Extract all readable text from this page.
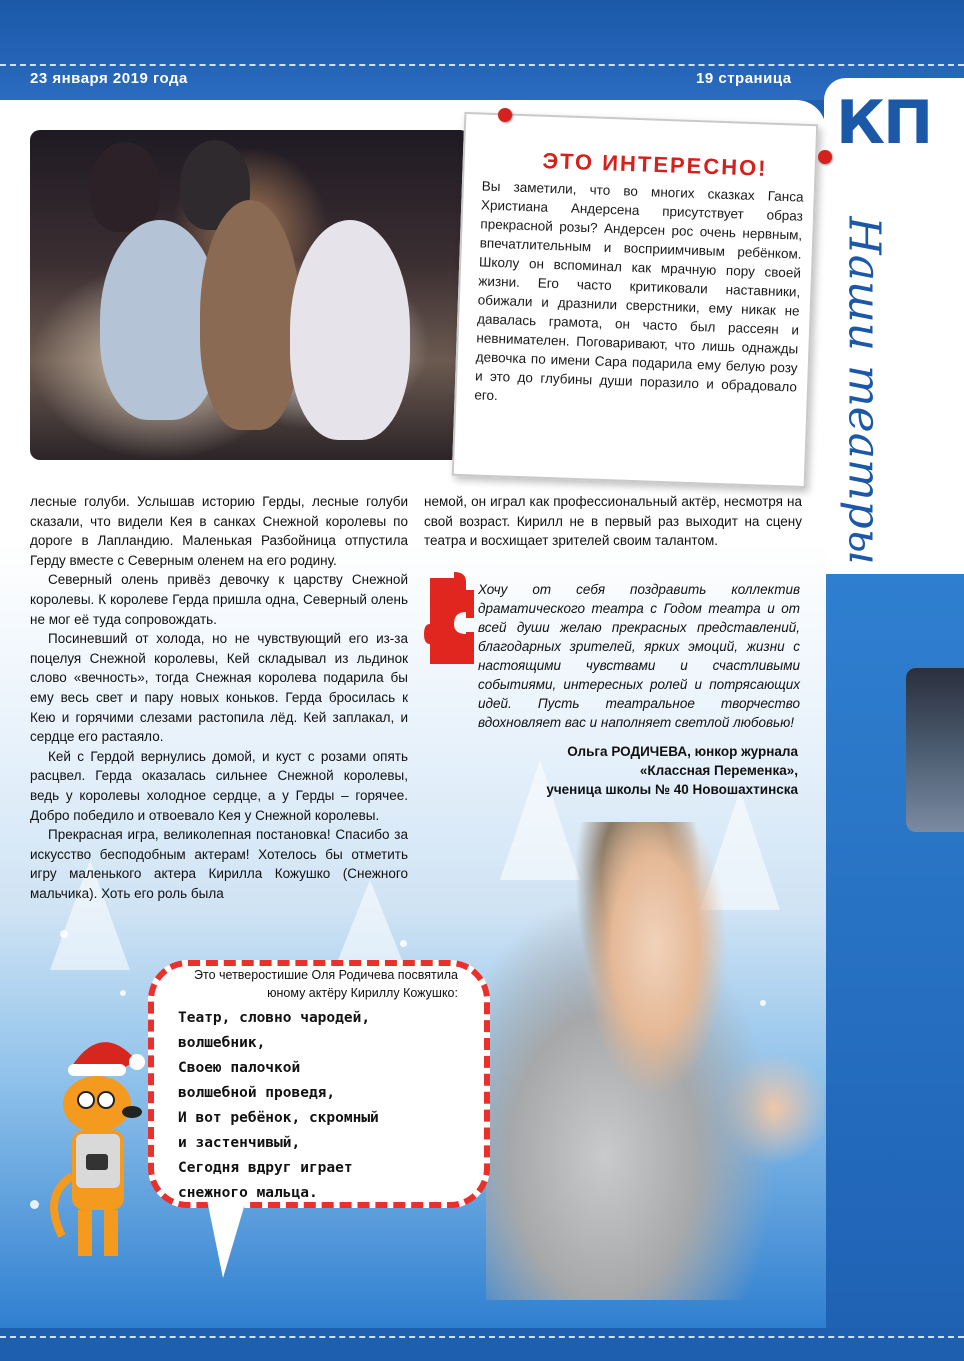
23 января 2019 года	19 страница
КП
Наши театры
ЭТО ИНТЕРЕСНО!
Вы заметили, что во многих сказках Ганса Христиана Андерсена присутствует образ прекрасной розы? Андерсен рос очень нервным, впечатлительным и восприимчивым ребёнком. Школу он вспоминал как мрачную пору своей жизни. Его часто критиковали наставники, обижали и дразнили сверстники, ему никак не давалась грамота, он часто был рассеян и невнимателен. Поговаривают, что лишь однажды девочка по имени Сара подарила ему белую розу и это до глубины души поразило и обрадовало его.

лесные голуби. Услышав историю Герды, лесные голуби сказали, что видели Кея в санках Снежной королевы по дороге в Лапландию. Маленькая Разбойница отпустила Герду вместе с Северным оленем на его родину.

Северный олень привёз девочку к царству Снежной королевы. К королеве Герда пришла одна, Северный олень не мог её туда сопровождать.

Посиневший от холода, но не чувствующий его из-за поцелуя Снежной королевы, Кей складывал из льдинок слово «вечность», тогда Снежная королева подарила бы ему весь свет и пару новых коньков. Герда бросилась к Кею и горячими слезами растопила лёд. Кей заплакал, и сердце его растаяло.

Кей с Гердой вернулись домой, и куст с розами опять расцвел. Герда оказалась сильнее Снежной королевы, ведь у королевы холодное сердце, а у Герды – горячее. Добро победило и отвоевало Кея у Снежной королевы.

Прекрасная игра, великолепная постановка! Спасибо за искусство бесподобным актерам! Хотелось бы отметить игру маленького актера Кирилла Кожушко (Снежного мальчика). Хоть его роль была

немой, он играл как профессиональный актёр, несмотря на свой возраст. Кирилл не в первый раз выходит на сцену театра и восхищает зрителей своим талантом.

Хочу от себя поздравить коллектив драматического театра с Годом театра и от всей души желаю прекрасных представлений, благодарных зрителей, ярких эмоций, жизни с настоящими чувствами и счастливыми событиями, интересных ролей и потрясающих идей. Пусть театральное творчество вдохновляет вас и наполняет светлой любовью!
Ольга РОДИЧЕВА, юнкор журнала
«Классная Переменка»,
ученица школы № 40 Новошахтинска
Это четверостишие Оля Родичева посвятила юному актёру Кириллу Кожушко:
Театр, словно чародей,
волшебник,
Своею палочкой
волшебной проведя,
И вот ребёнок, скромный
и застенчивый,
Сегодня вдруг играет
снежного мальца.
